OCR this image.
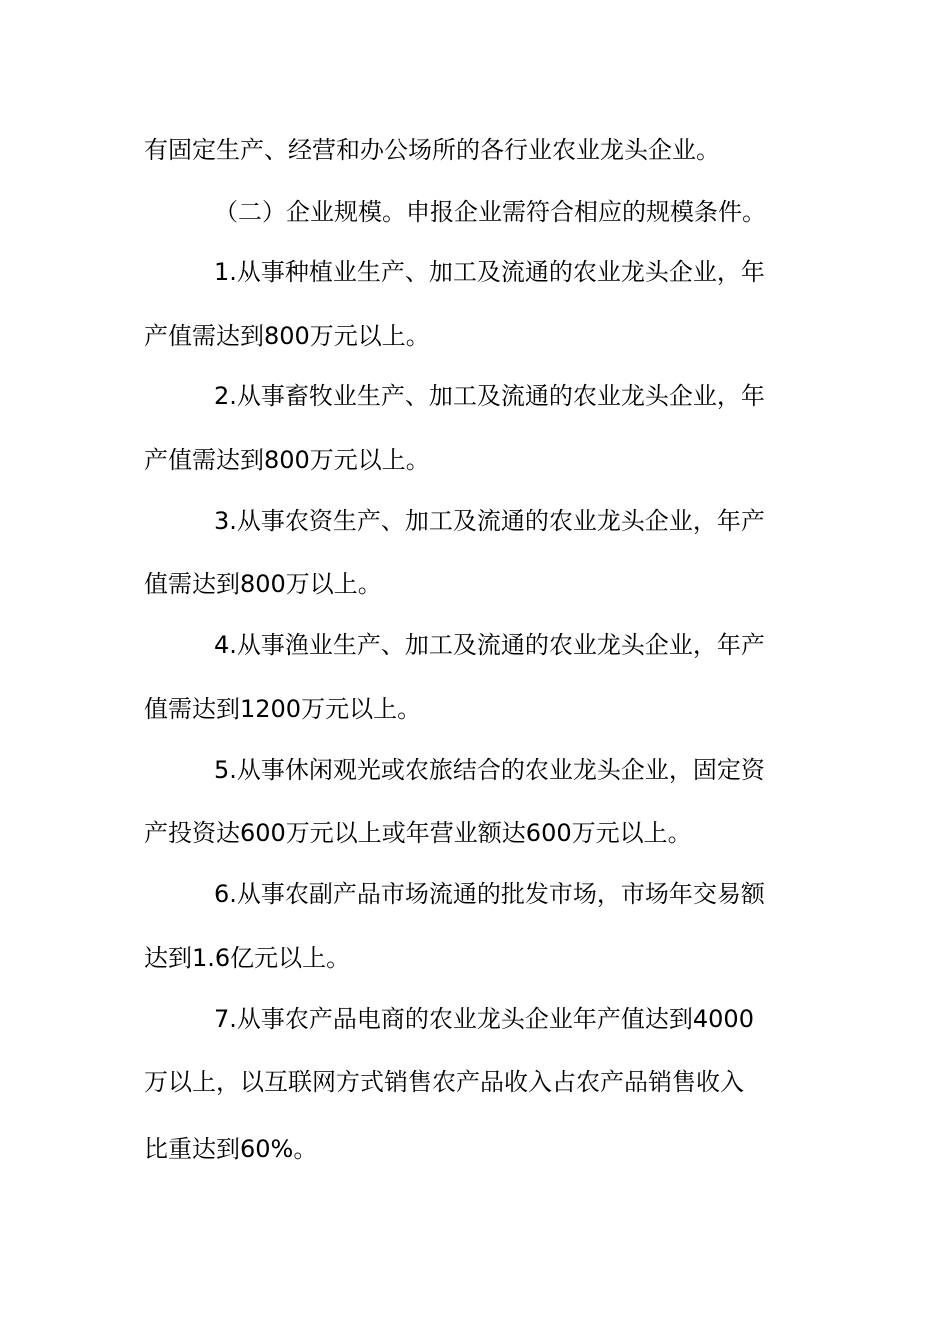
有固定生产、经营和办公场所的各行业农业龙头企业。
（二）企业规模。申报企业需符合相应的规模条件。
1.从事种植业生产、加工及流通的农业龙头企业，年
产值需达到800万元以上。
2.从事畜牧业生产、加工及流通的农业龙头企业，年
产值需达到800万元以上。
3.从事农资生产、加工及流通的农业龙头企业，年产
值需达到800万以上。
4.从事渔业生产、加工及流通的农业龙头企业，年产
值需达到1200万元以上。
5.从事休闲观光或农旅结合的农业龙头企业，固定资
产投资达600万元以上或年营业额达600万元以上。
6.从事农副产品市场流通的批发市场，市场年交易额
达到1.6亿元以上。
7.从事农产品电商的农业龙头企业年产值达到4000
万以上，以互联网方式销售农产品收入占农产品销售收入
比重达到60%。
